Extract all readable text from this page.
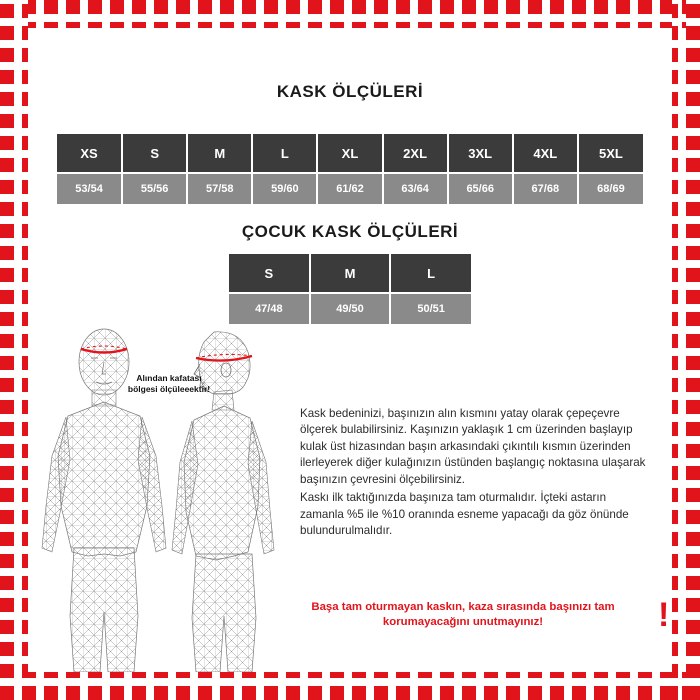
KASK ÖLÇÜLERİ
XS	S	M	L	XL	2XL	3XL	4XL	5XL
53/54	55/56	57/58	59/60	61/62	63/64	65/66	67/68	68/69
ÇOCUK KASK ÖLÇÜLERİ
S	M	L
47/48	49/50	50/51
Alından kafatası bölgesi ölçüleeektir!

Kask bedeninizi, başınızın alın kısmını yatay olarak çepeçevre ölçerek bulabilirsiniz. Kaşınızın yaklaşık 1 cm üzerinden başlayıp kulak üst hizasından başın arkasındaki çıkıntılı kısmın üzerinden ilerleyerek diğer kulağınızın üstünden başlangıç noktasına ulaşarak başınızın çevresini ölçebilirsiniz.

Kaskı ilk taktığınızda başınıza tam oturmalıdır. İçteki astarın zamanla %5 ile %10 oranında esneme yapacağı da göz önünde bulundurulmalıdır.

Başa tam oturmayan kaskın, kaza sırasında başınızı tam korumayacağını unutmayınız!	!
